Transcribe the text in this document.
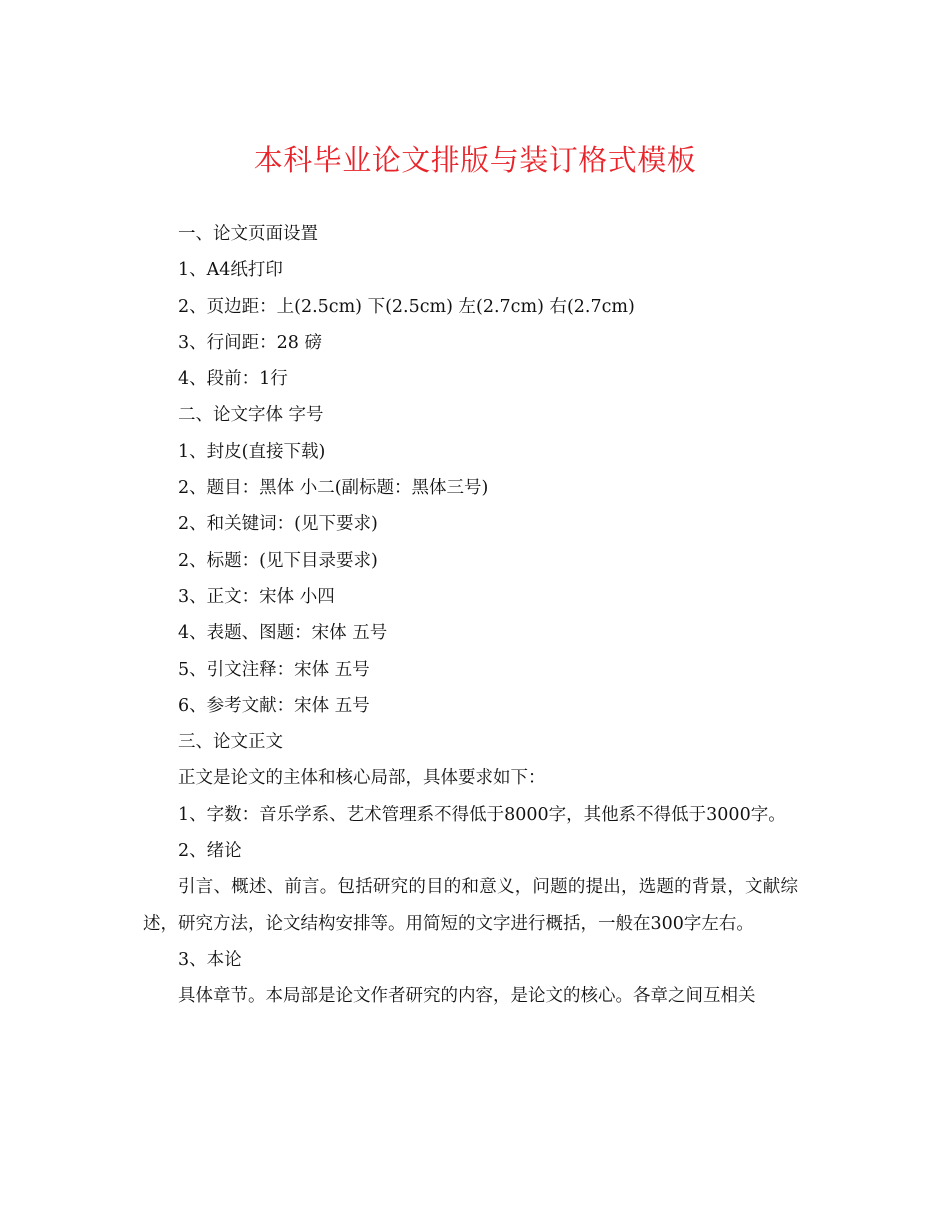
本科毕业论文排版与装订格式模板

一、论文页面设置

1、A4纸打印

2、页边距：上(2.5cm) 下(2.5cm) 左(2.7cm) 右(2.7cm)

3、行间距：28 磅

4、段前：1行

二、论文字体 字号

1、封皮(直接下载)

2、题目：黑体 小二(副标题：黑体三号)

2、和关键词：(见下要求)

2、标题：(见下目录要求)

3、正文：宋体 小四

4、表题、图题：宋体 五号

5、引文注释：宋体 五号

6、参考文献：宋体 五号

三、论文正文

正文是论文的主体和核心局部，具体要求如下：

1、字数：音乐学系、艺术管理系不得低于8000字，其他系不得低于3000字。

2、绪论

引言、概述、前言。包括研究的目的和意义，问题的提出，选题的背景，文献综述，研究方法，论文结构安排等。用简短的文字进行概括，一般在300字左右。

3、本论

具体章节。本局部是论文作者研究的内容，是论文的核心。各章之间互相关
